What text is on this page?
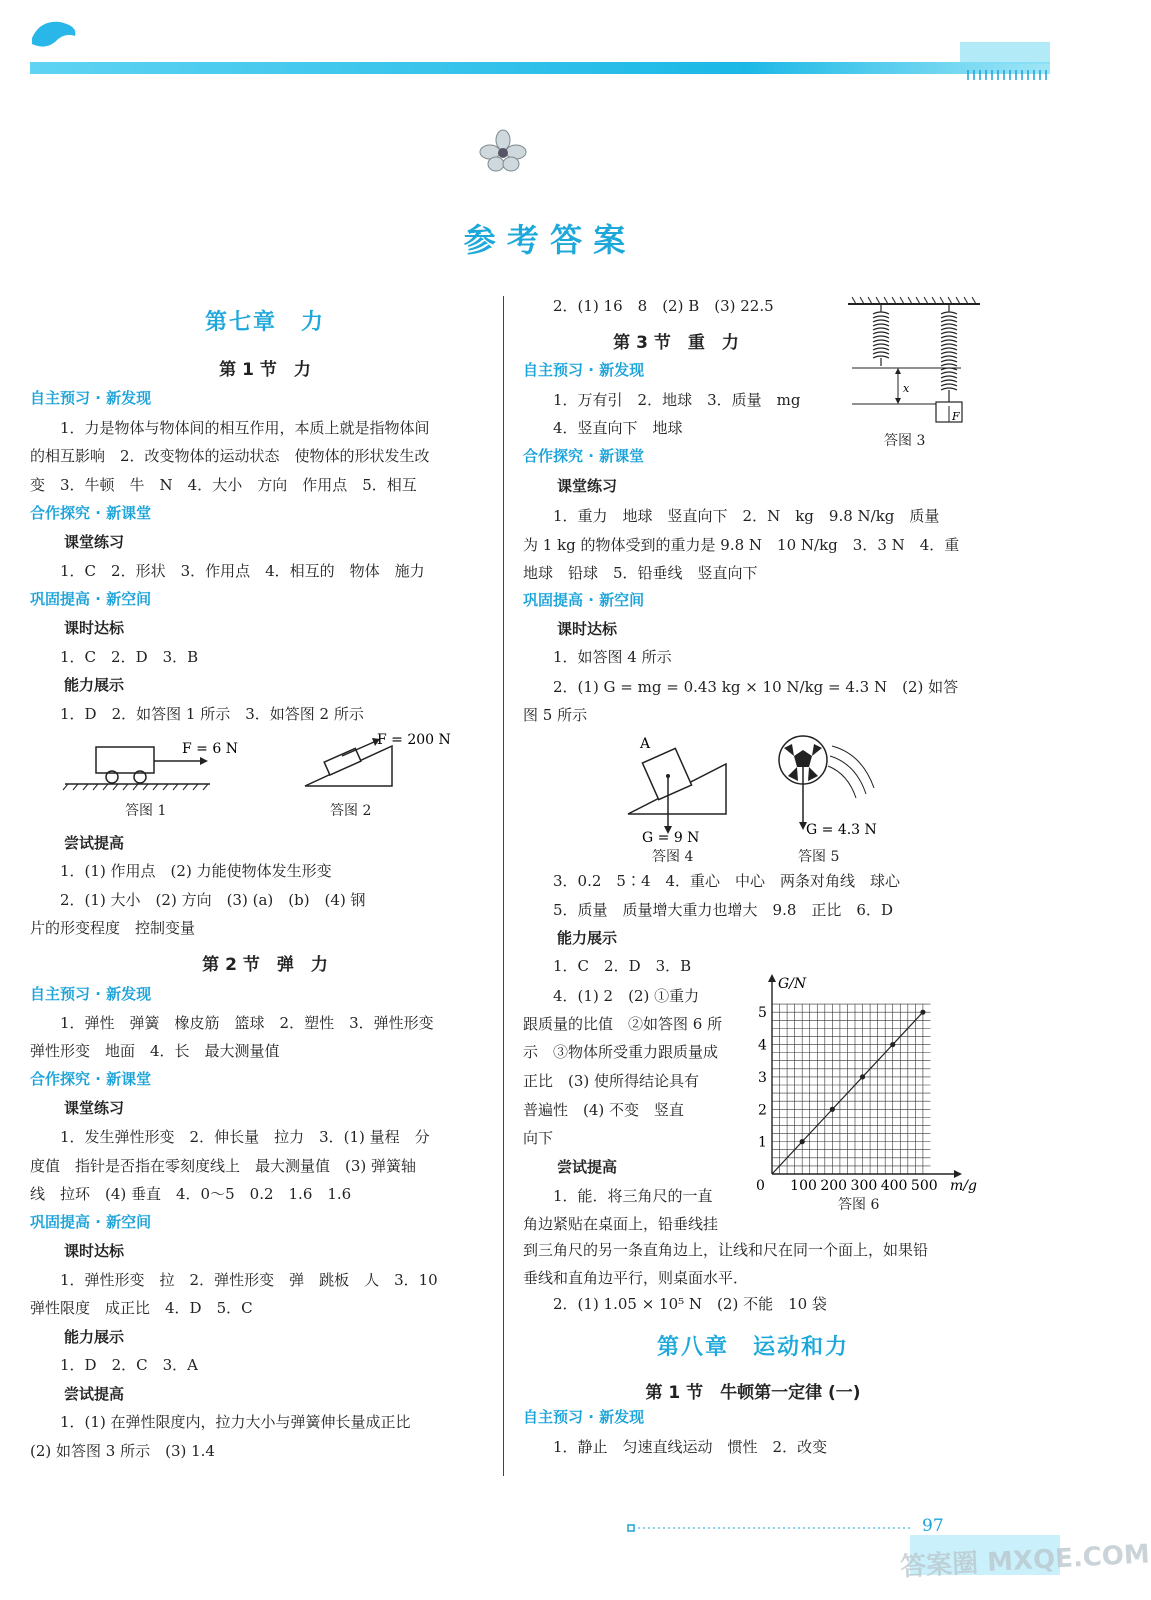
参 考 答 案
第七章　力
第 1 节　力
自主预习 · 新发现
1．力是物体与物体间的相互作用，本质上就是指物体间
的相互影响　2．改变物体的运动状态　使物体的形状发生改
变　3．牛顿　牛　N　4．大小　方向　作用点　5．相互
合作探究 · 新课堂
课堂练习
1．C　2．形状　3．作用点　4．相互的　物体　施力
巩固提高 · 新空间
课时达标
1．C　2．D　3．B
能力展示
1．D　2．如答图 1 所示　3．如答图 2 所示
尝试提高
1．(1) 作用点　(2) 力能使物体发生形变
2．(1) 大小　(2) 方向　(3) (a)　(b)　(4) 钢
片的形变程度　控制变量
第 2 节　弹　力
自主预习 · 新发现
1．弹性　弹簧　橡皮筋　篮球　2．塑性　3．弹性形变
弹性形变　地面　4．长　最大测量值
合作探究 · 新课堂
课堂练习
1．发生弹性形变　2．伸长量　拉力　3．(1) 量程　分
度值　指针是否指在零刻度线上　最大测量值　(3) 弹簧轴
线　拉环　(4) 垂直　4．0～5　0.2　1.6　1.6
巩固提高 · 新空间
课时达标
1．弹性形变　拉　2．弹性形变　弹　跳板　人　3．10
弹性限度　成正比　4．D　5．C
能力展示
1．D　2．C　3．A
尝试提高
1．(1) 在弹性限度内，拉力大小与弹簧伸长量成正比
(2) 如答图 3 所示　(3) 1.4
2．(1) 16　8　(2) B　(3) 22.5
第 3 节　重　力
自主预习 · 新发现
1．万有引　2．地球　3．质量　mg
4．竖直向下　地球
合作探究 · 新课堂
课堂练习
1．重力　地球　竖直向下　2．N　kg　9.8 N/kg　质量
为 1 kg 的物体受到的重力是 9.8 N　10 N/kg　3．3 N　4．重
地球　铅球　5．铅垂线　竖直向下
巩固提高 · 新空间
课时达标
1．如答图 4 所示
2．(1) G = mg = 0.43 kg × 10 N/kg = 4.3 N　(2) 如答
图 5 所示
3．0.2　5∶4　4．重心　中心　两条对角线　球心
5．质量　质量增大重力也增大　9.8　正比　6．D
能力展示
1．C　2．D　3．B
4．(1) 2　(2) ①重力
跟质量的比值　②如答图 6 所
示　③物体所受重力跟质量成
正比　(3) 使所得结论具有
普遍性　(4) 不变　竖直
向下
尝试提高
1．能．将三角尺的一直
角边紧贴在桌面上，铅垂线挂
到三角尺的另一条直角边上，让线和尺在同一个面上，如果铅
垂线和直角边平行，则桌面水平．
2．(1) 1.05 × 10⁵ N　(2) 不能　10 袋
第八章　运动和力
第 1 节　牛顿第一定律 (一)
自主预习 · 新发现
1．静止　匀速直线运动　惯性　2．改变
F = 6 N
答图 1
F = 200 N
答图 2
x
F
答图 3
A
G = 9 N
答图 4
G = 4.3 N
答图 5
100 200 300 400 500
1
2
3
4
5
0	m/g
G/N
答图 6
97
答案圈 MXQE.COM
